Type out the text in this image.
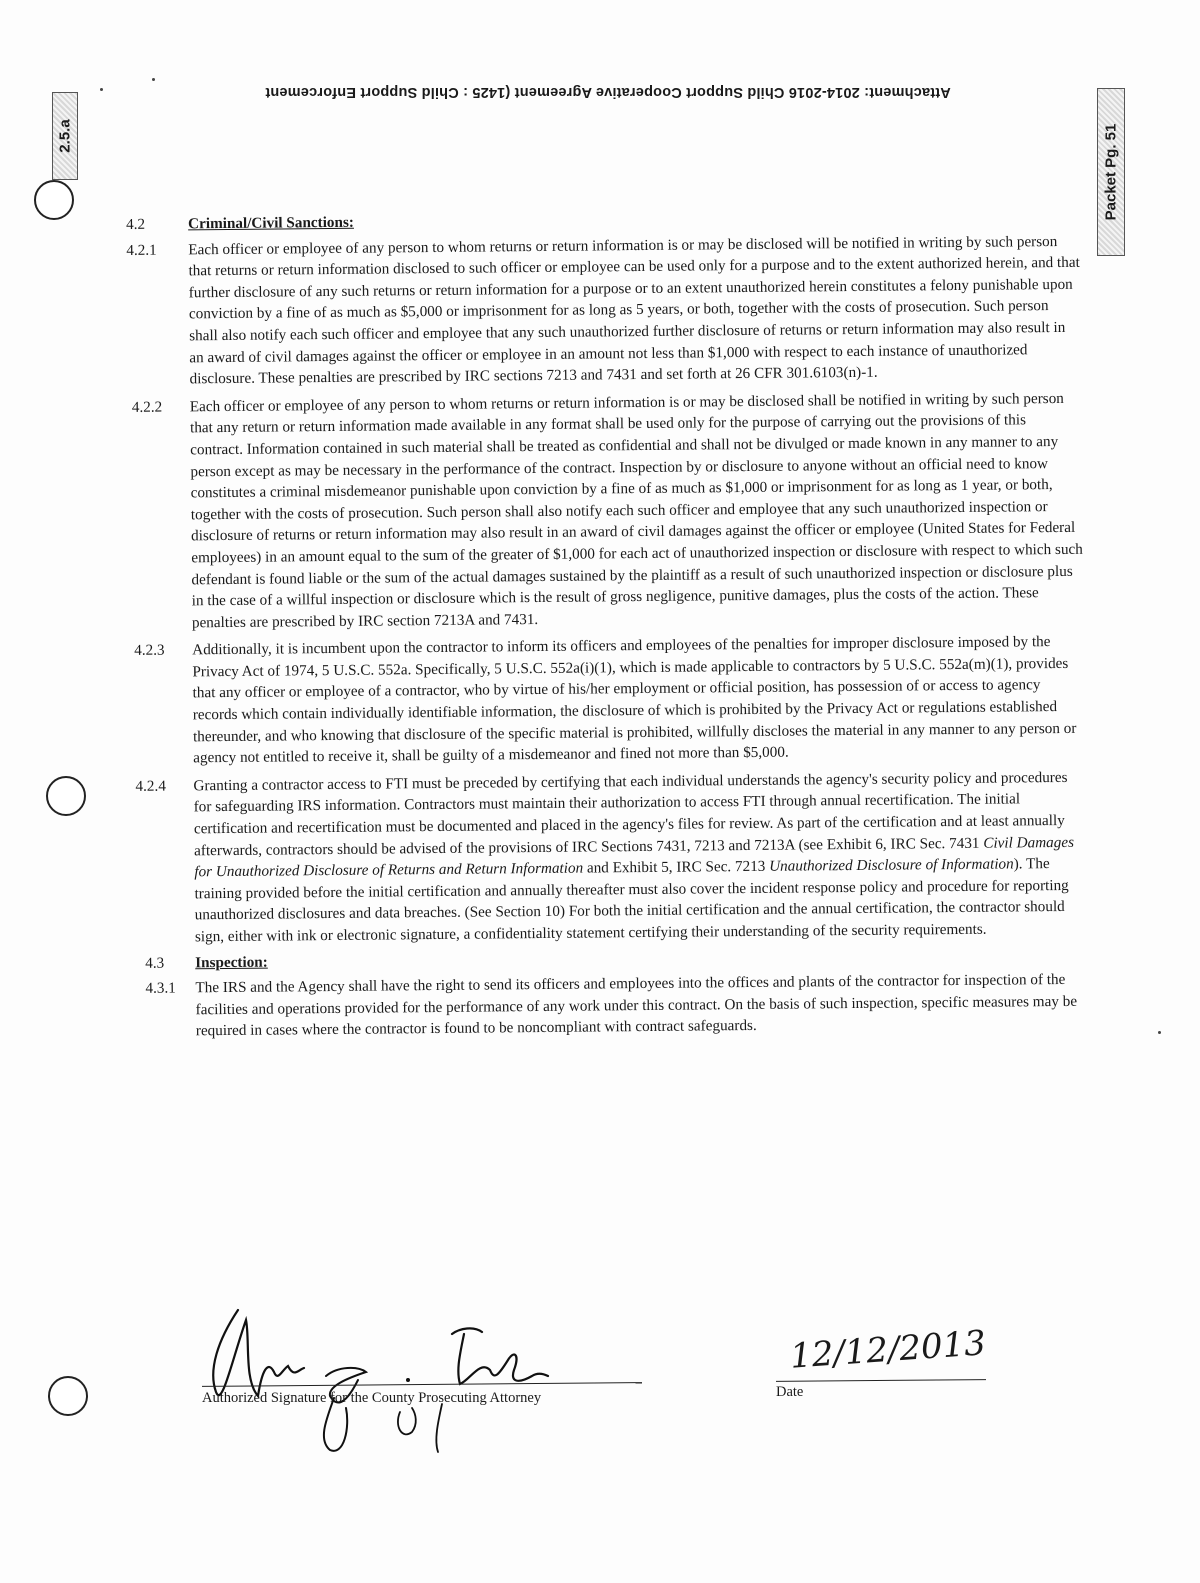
Attachment: 2014-2016 Child Support Cooperative Agreement (1425 : Child Support Enforcement
2.5.a	Packet Pg. 51
4.2	Criminal/Civil Sanctions:
4.2.1	Each officer or employee of any person to whom returns or return information is or may be disclosed will be notified in writing by such person that returns or return information disclosed to such officer or employee can be used only for a purpose and to the extent authorized herein, and that further disclosure of any such returns or return information for a purpose or to an extent unauthorized herein constitutes a felony punishable upon conviction by a fine of as much as $5,000 or imprisonment for as long as 5 years, or both, together with the costs of prosecution. Such person shall also notify each such officer and employee that any such unauthorized further disclosure of returns or return information may also result in an award of civil damages against the officer or employee in an amount not less than $1,000 with respect to each instance of unauthorized disclosure. These penalties are prescribed by IRC sections 7213 and 7431 and set forth at 26 CFR 301.6103(n)-1.
4.2.2	Each officer or employee of any person to whom returns or return information is or may be disclosed shall be notified in writing by such person that any return or return information made available in any format shall be used only for the purpose of carrying out the provisions of this contract. Information contained in such material shall be treated as confidential and shall not be divulged or made known in any manner to any person except as may be necessary in the performance of the contract. Inspection by or disclosure to anyone without an official need to know constitutes a criminal misdemeanor punishable upon conviction by a fine of as much as $1,000 or imprisonment for as long as 1 year, or both, together with the costs of prosecution. Such person shall also notify each such officer and employee that any such unauthorized inspection or disclosure of returns or return information may also result in an award of civil damages against the officer or employee (United States for Federal employees) in an amount equal to the sum of the greater of $1,000 for each act of unauthorized inspection or disclosure with respect to which such defendant is found liable or the sum of the actual damages sustained by the plaintiff as a result of such unauthorized inspection or disclosure plus in the case of a willful inspection or disclosure which is the result of gross negligence, punitive damages, plus the costs of the action. These penalties are prescribed by IRC section 7213A and 7431.
4.2.3	Additionally, it is incumbent upon the contractor to inform its officers and employees of the penalties for improper disclosure imposed by the Privacy Act of 1974, 5 U.S.C. 552a. Specifically, 5 U.S.C. 552a(i)(1), which is made applicable to contractors by 5 U.S.C. 552a(m)(1), provides that any officer or employee of a contractor, who by virtue of his/her employment or official position, has possession of or access to agency records which contain individually identifiable information, the disclosure of which is prohibited by the Privacy Act or regulations established thereunder, and who knowing that disclosure of the specific material is prohibited, willfully discloses the material in any manner to any person or agency not entitled to receive it, shall be guilty of a misdemeanor and fined not more than $5,000.
4.2.4	Granting a contractor access to FTI must be preceded by certifying that each individual understands the agency's security policy and procedures for safeguarding IRS information. Contractors must maintain their authorization to access FTI through annual recertification. The initial certification and recertification must be documented and placed in the agency's files for review. As part of the certification and at least annually afterwards, contractors should be advised of the provisions of IRC Sections 7431, 7213 and 7213A (see Exhibit 6, IRC Sec. 7431 Civil Damages for Unauthorized Disclosure of Returns and Return Information and Exhibit 5, IRC Sec. 7213 Unauthorized Disclosure of Information). The training provided before the initial certification and annually thereafter must also cover the incident response policy and procedure for reporting unauthorized disclosures and data breaches. (See Section 10) For both the initial certification and the annual certification, the contractor should sign, either with ink or electronic signature, a confidentiality statement certifying their understanding of the security requirements.
4.3	Inspection:
4.3.1	The IRS and the Agency shall have the right to send its officers and employees into the offices and plants of the contractor for inspection of the facilities and operations provided for the performance of any work under this contract. On the basis of such inspection, specific measures may be required in cases where the contractor is found to be noncompliant with contract safeguards.
Authorized Signature for the County Prosecuting Attorney
12/12/2013
Date
